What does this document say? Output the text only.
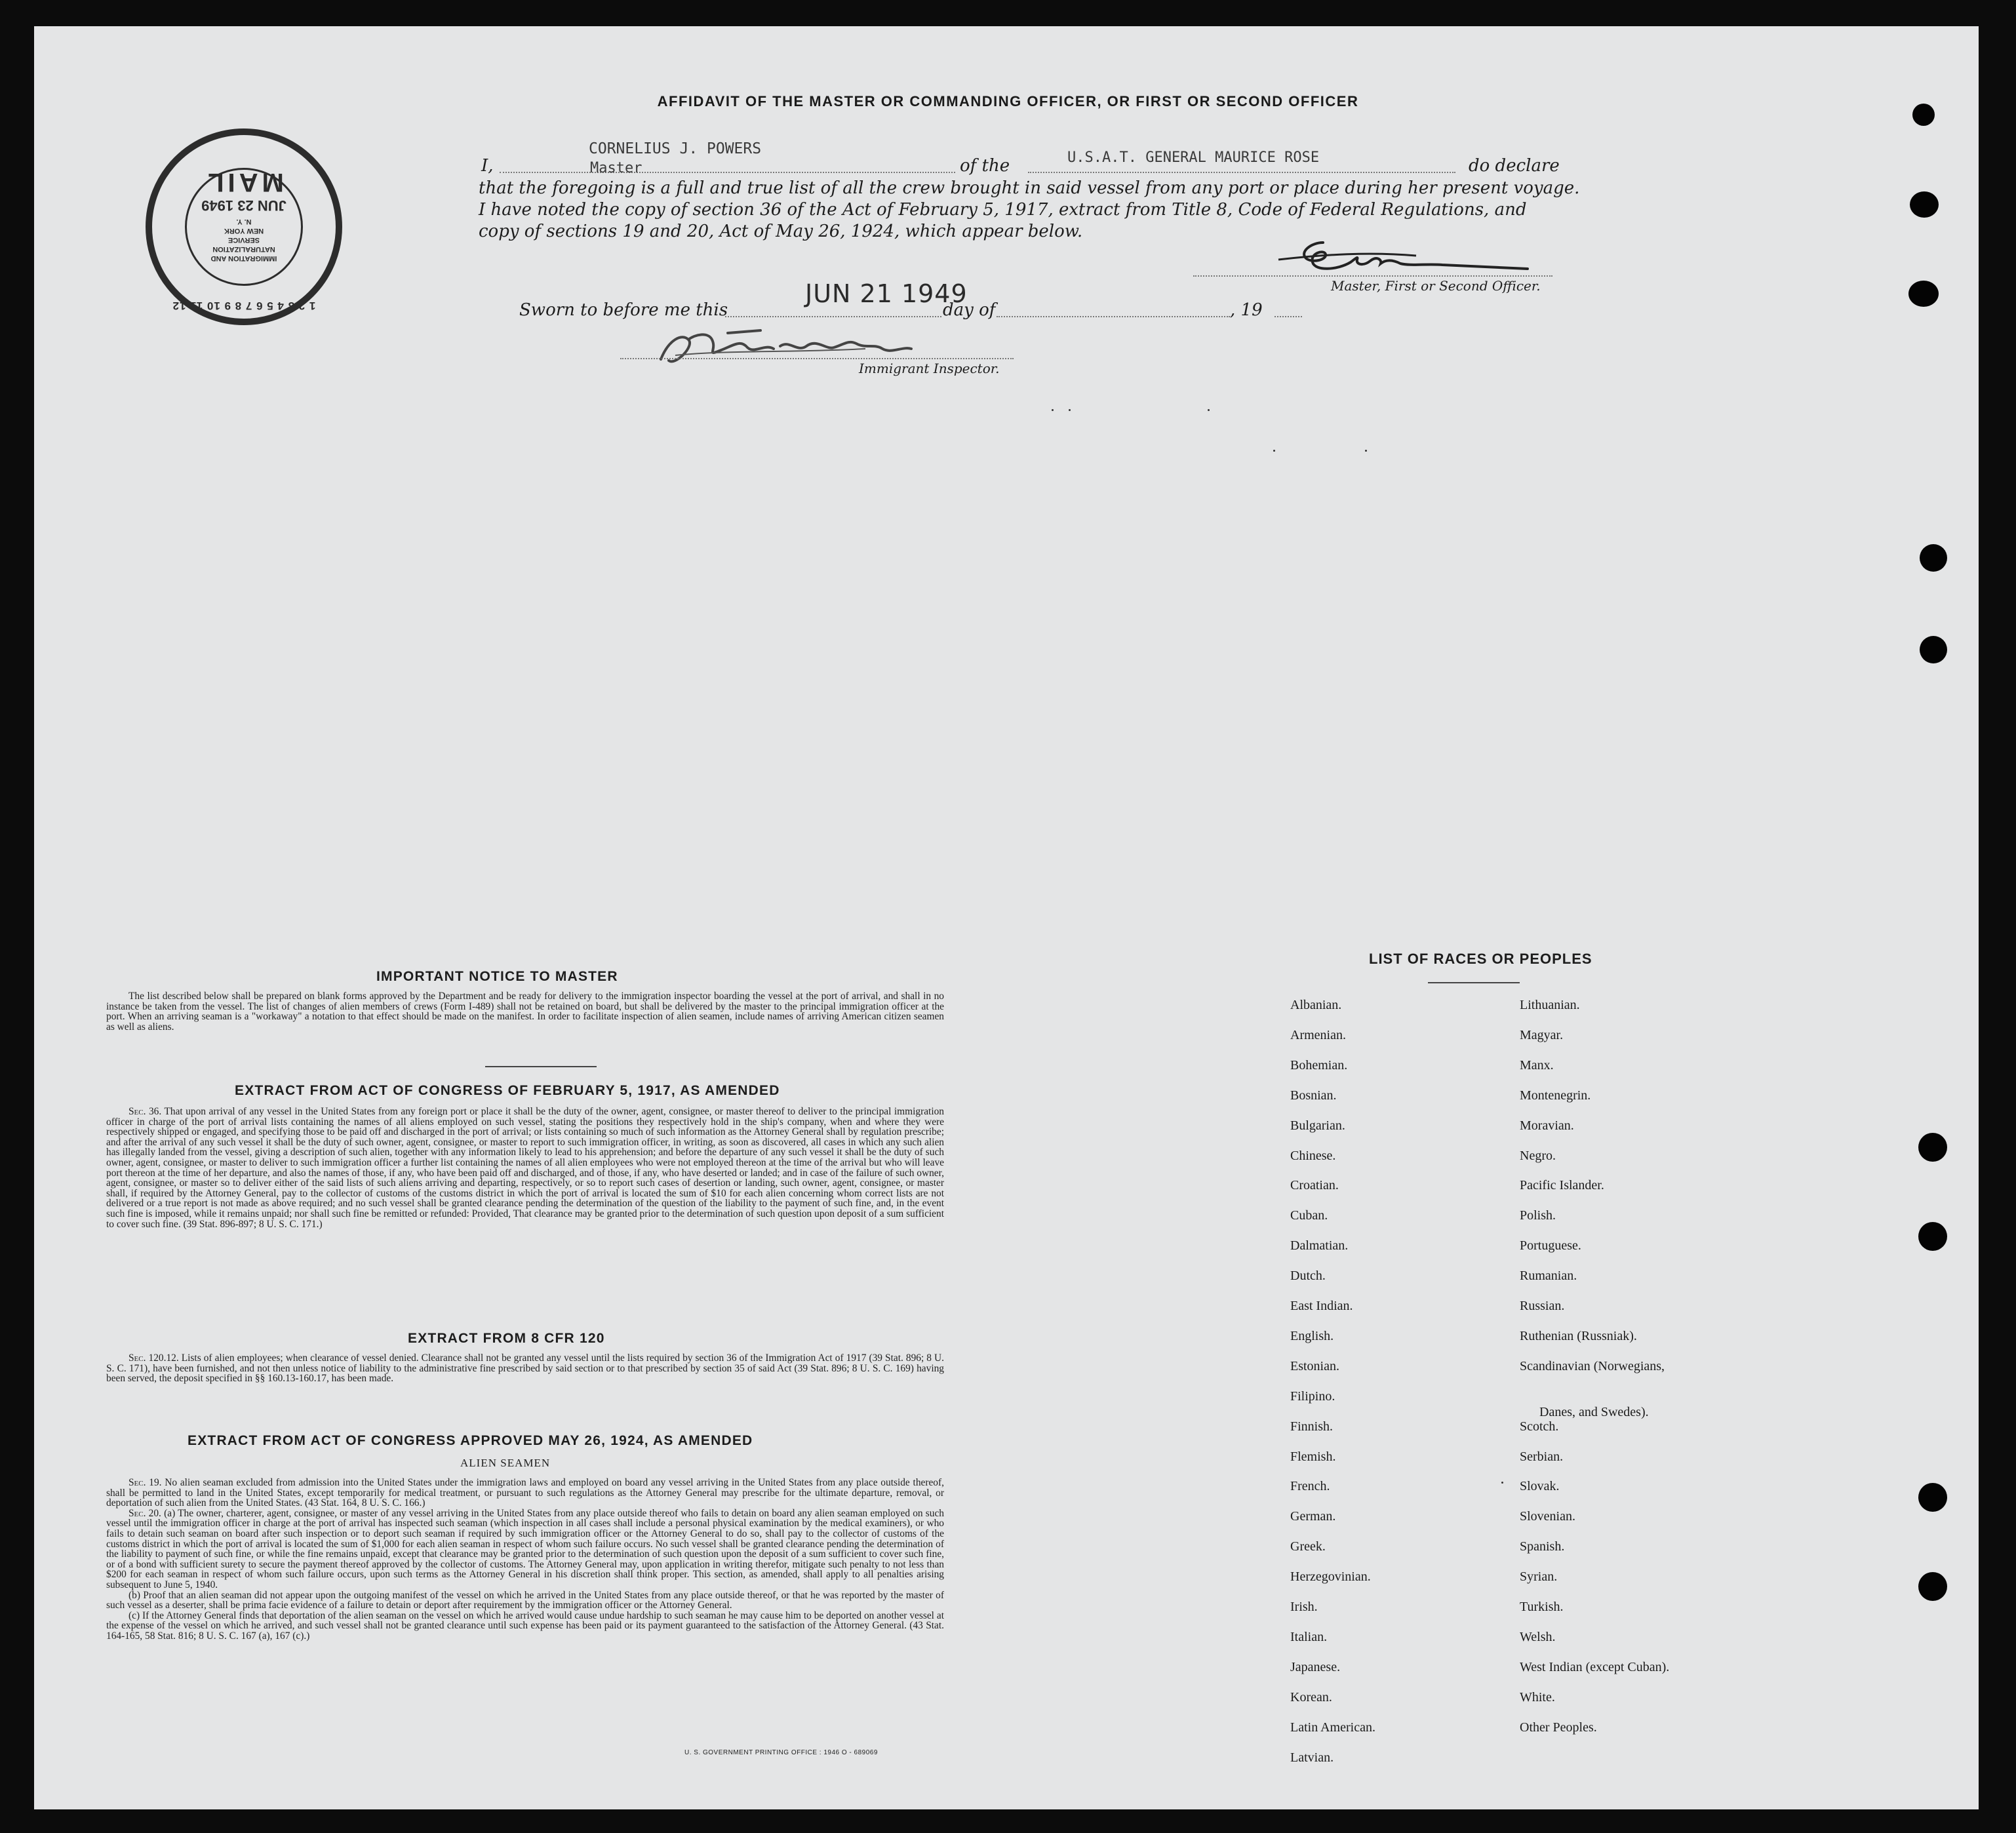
AFFIDAVIT OF THE MASTER OR COMMANDING OFFICER, OR FIRST OR SECOND OFFICER
I,
CORNELIUS J. POWERS
Master	of the	U.S.A.T. GENERAL MAURICE ROSE	do declare
that the foregoing is a full and true list of all the crew brought in said vessel from any port or place during her present voyage.
I have noted the copy of section 36 of the Act of February 5, 1917, extract from Title 8, Code of Federal Regulations, and
copy of sections 19 and 20, Act of May 26, 1924, which appear below.
Master, First or Second Officer.
Sworn to before me this
JUN 21 1949
day of	, 19
Immigrant Inspector.
1 2 3 4 5 6 7 8 9 10 11 12
IMMIGRATION AND
NATURALIZATION
SERVICE
NEW YORK
N. Y.
JUN 23 1949
MAIL
IMPORTANT NOTICE TO MASTER

The list described below shall be prepared on blank forms approved by the Department and be ready for delivery to the immigration inspector boarding the vessel at the port of arrival, and shall in no instance be taken from the vessel. The list of changes of alien members of crews (Form I-489) shall not be retained on board, but shall be delivered by the master to the principal immigration officer at the port. When an arriving seaman is a "workaway" a notation to that effect should be made on the manifest. In order to facilitate inspection of alien seamen, include names of arriving American citizen seamen as well as aliens.

EXTRACT FROM ACT OF CONGRESS OF FEBRUARY 5, 1917, AS AMENDED

Sec. 36. That upon arrival of any vessel in the United States from any foreign port or place it shall be the duty of the owner, agent, consignee, or master thereof to deliver to the principal immigration officer in charge of the port of arrival lists containing the names of all aliens employed on such vessel, stating the positions they respectively hold in the ship's company, when and where they were respectively shipped or engaged, and specifying those to be paid off and discharged in the port of arrival; or lists containing so much of such information as the Attorney General shall by regulation prescribe; and after the arrival of any such vessel it shall be the duty of such owner, agent, consignee, or master to report to such immigration officer, in writing, as soon as discovered, all cases in which any such alien has illegally landed from the vessel, giving a description of such alien, together with any information likely to lead to his apprehension; and before the departure of any such vessel it shall be the duty of such owner, agent, consignee, or master to deliver to such immigration officer a further list containing the names of all alien employees who were not employed thereon at the time of the arrival but who will leave port thereon at the time of her departure, and also the names of those, if any, who have been paid off and discharged, and of those, if any, who have deserted or landed; and in case of the failure of such owner, agent, consignee, or master so to deliver either of the said lists of such aliens arriving and departing, respectively, or so to report such cases of desertion or landing, such owner, agent, consignee, or master shall, if required by the Attorney General, pay to the collector of customs of the customs district in which the port of arrival is located the sum of $10 for each alien concerning whom correct lists are not delivered or a true report is not made as above required; and no such vessel shall be granted clearance pending the determination of the question of the liability to the payment of such fine, and, in the event such fine is imposed, while it remains unpaid; nor shall such fine be remitted or refunded: Provided, That clearance may be granted prior to the determination of such question upon deposit of a sum sufficient to cover such fine. (39 Stat. 896-897; 8 U. S. C. 171.)

EXTRACT FROM 8 CFR 120

Sec. 120.12. Lists of alien employees; when clearance of vessel denied. Clearance shall not be granted any vessel until the lists required by section 36 of the Immigration Act of 1917 (39 Stat. 896; 8 U. S. C. 171), have been furnished, and not then unless notice of liability to the administrative fine prescribed by said section or to that prescribed by section 35 of said Act (39 Stat. 896; 8 U. S. C. 169) having been served, the deposit specified in §§ 160.13-160.17, has been made.

EXTRACT FROM ACT OF CONGRESS APPROVED MAY 26, 1924, AS AMENDED
ALIEN SEAMEN

Sec. 19. No alien seaman excluded from admission into the United States under the immigration laws and employed on board any vessel arriving in the United States from any place outside thereof, shall be permitted to land in the United States, except temporarily for medical treatment, or pursuant to such regulations as the Attorney General may prescribe for the ultimate departure, removal, or deportation of such alien from the United States. (43 Stat. 164, 8 U. S. C. 166.)

Sec. 20. (a) The owner, charterer, agent, consignee, or master of any vessel arriving in the United States from any place outside thereof who fails to detain on board any alien seaman employed on such vessel until the immigration officer in charge at the port of arrival has inspected such seaman (which inspection in all cases shall include a personal physical examination by the medical examiners), or who fails to detain such seaman on board after such inspection or to deport such seaman if required by such immigration officer or the Attorney General to do so, shall pay to the collector of customs of the customs district in which the port of arrival is located the sum of $1,000 for each alien seaman in respect of whom such failure occurs. No such vessel shall be granted clearance pending the determination of the liability to payment of such fine, or while the fine remains unpaid, except that clearance may be granted prior to the determination of such question upon the deposit of a sum sufficient to cover such fine, or of a bond with sufficient surety to secure the payment thereof approved by the collector of customs. The Attorney General may, upon application in writing therefor, mitigate such penalty to not less than $200 for each seaman in respect of whom such failure occurs, upon such terms as the Attorney General in his discretion shall think proper. This section, as amended, shall apply to all penalties arising subsequent to June 5, 1940.

(b) Proof that an alien seaman did not appear upon the outgoing manifest of the vessel on which he arrived in the United States from any place outside thereof, or that he was reported by the master of such vessel as a deserter, shall be prima facie evidence of a failure to detain or deport after requirement by the immigration officer or the Attorney General.

(c) If the Attorney General finds that deportation of the alien seaman on the vessel on which he arrived would cause undue hardship to such seaman he may cause him to be deported on another vessel at the expense of the vessel on which he arrived, and such vessel shall not be granted clearance until such expense has been paid or its payment guaranteed to the satisfaction of the Attorney General. (43 Stat. 164-165, 58 Stat. 816; 8 U. S. C. 167 (a), 167 (c).)

U. S. GOVERNMENT PRINTING OFFICE : 1946 O - 689069
LIST OF RACES OR PEOPLES
Albanian.
Armenian.
Bohemian.
Bosnian.
Bulgarian.
Chinese.
Croatian.
Cuban.
Dalmatian.
Dutch.
East Indian.
English.
Estonian.
Filipino.
Finnish.
Flemish.
French.
German.
Greek.
Herzegovinian.
Irish.
Italian.
Japanese.
Korean.
Latin American.
Latvian.
Lithuanian.
Magyar.
Manx.
Montenegrin.
Moravian.
Negro.
Pacific Islander.
Polish.
Portuguese.
Rumanian.
Russian.
Ruthenian (Russniak).
Scandinavian (Norwegians,
Danes, and Swedes).
Scotch.
Serbian.
Slovak.
Slovenian.
Spanish.
Syrian.
Turkish.
Welsh.
West Indian (except Cuban).
White.
Other Peoples.
